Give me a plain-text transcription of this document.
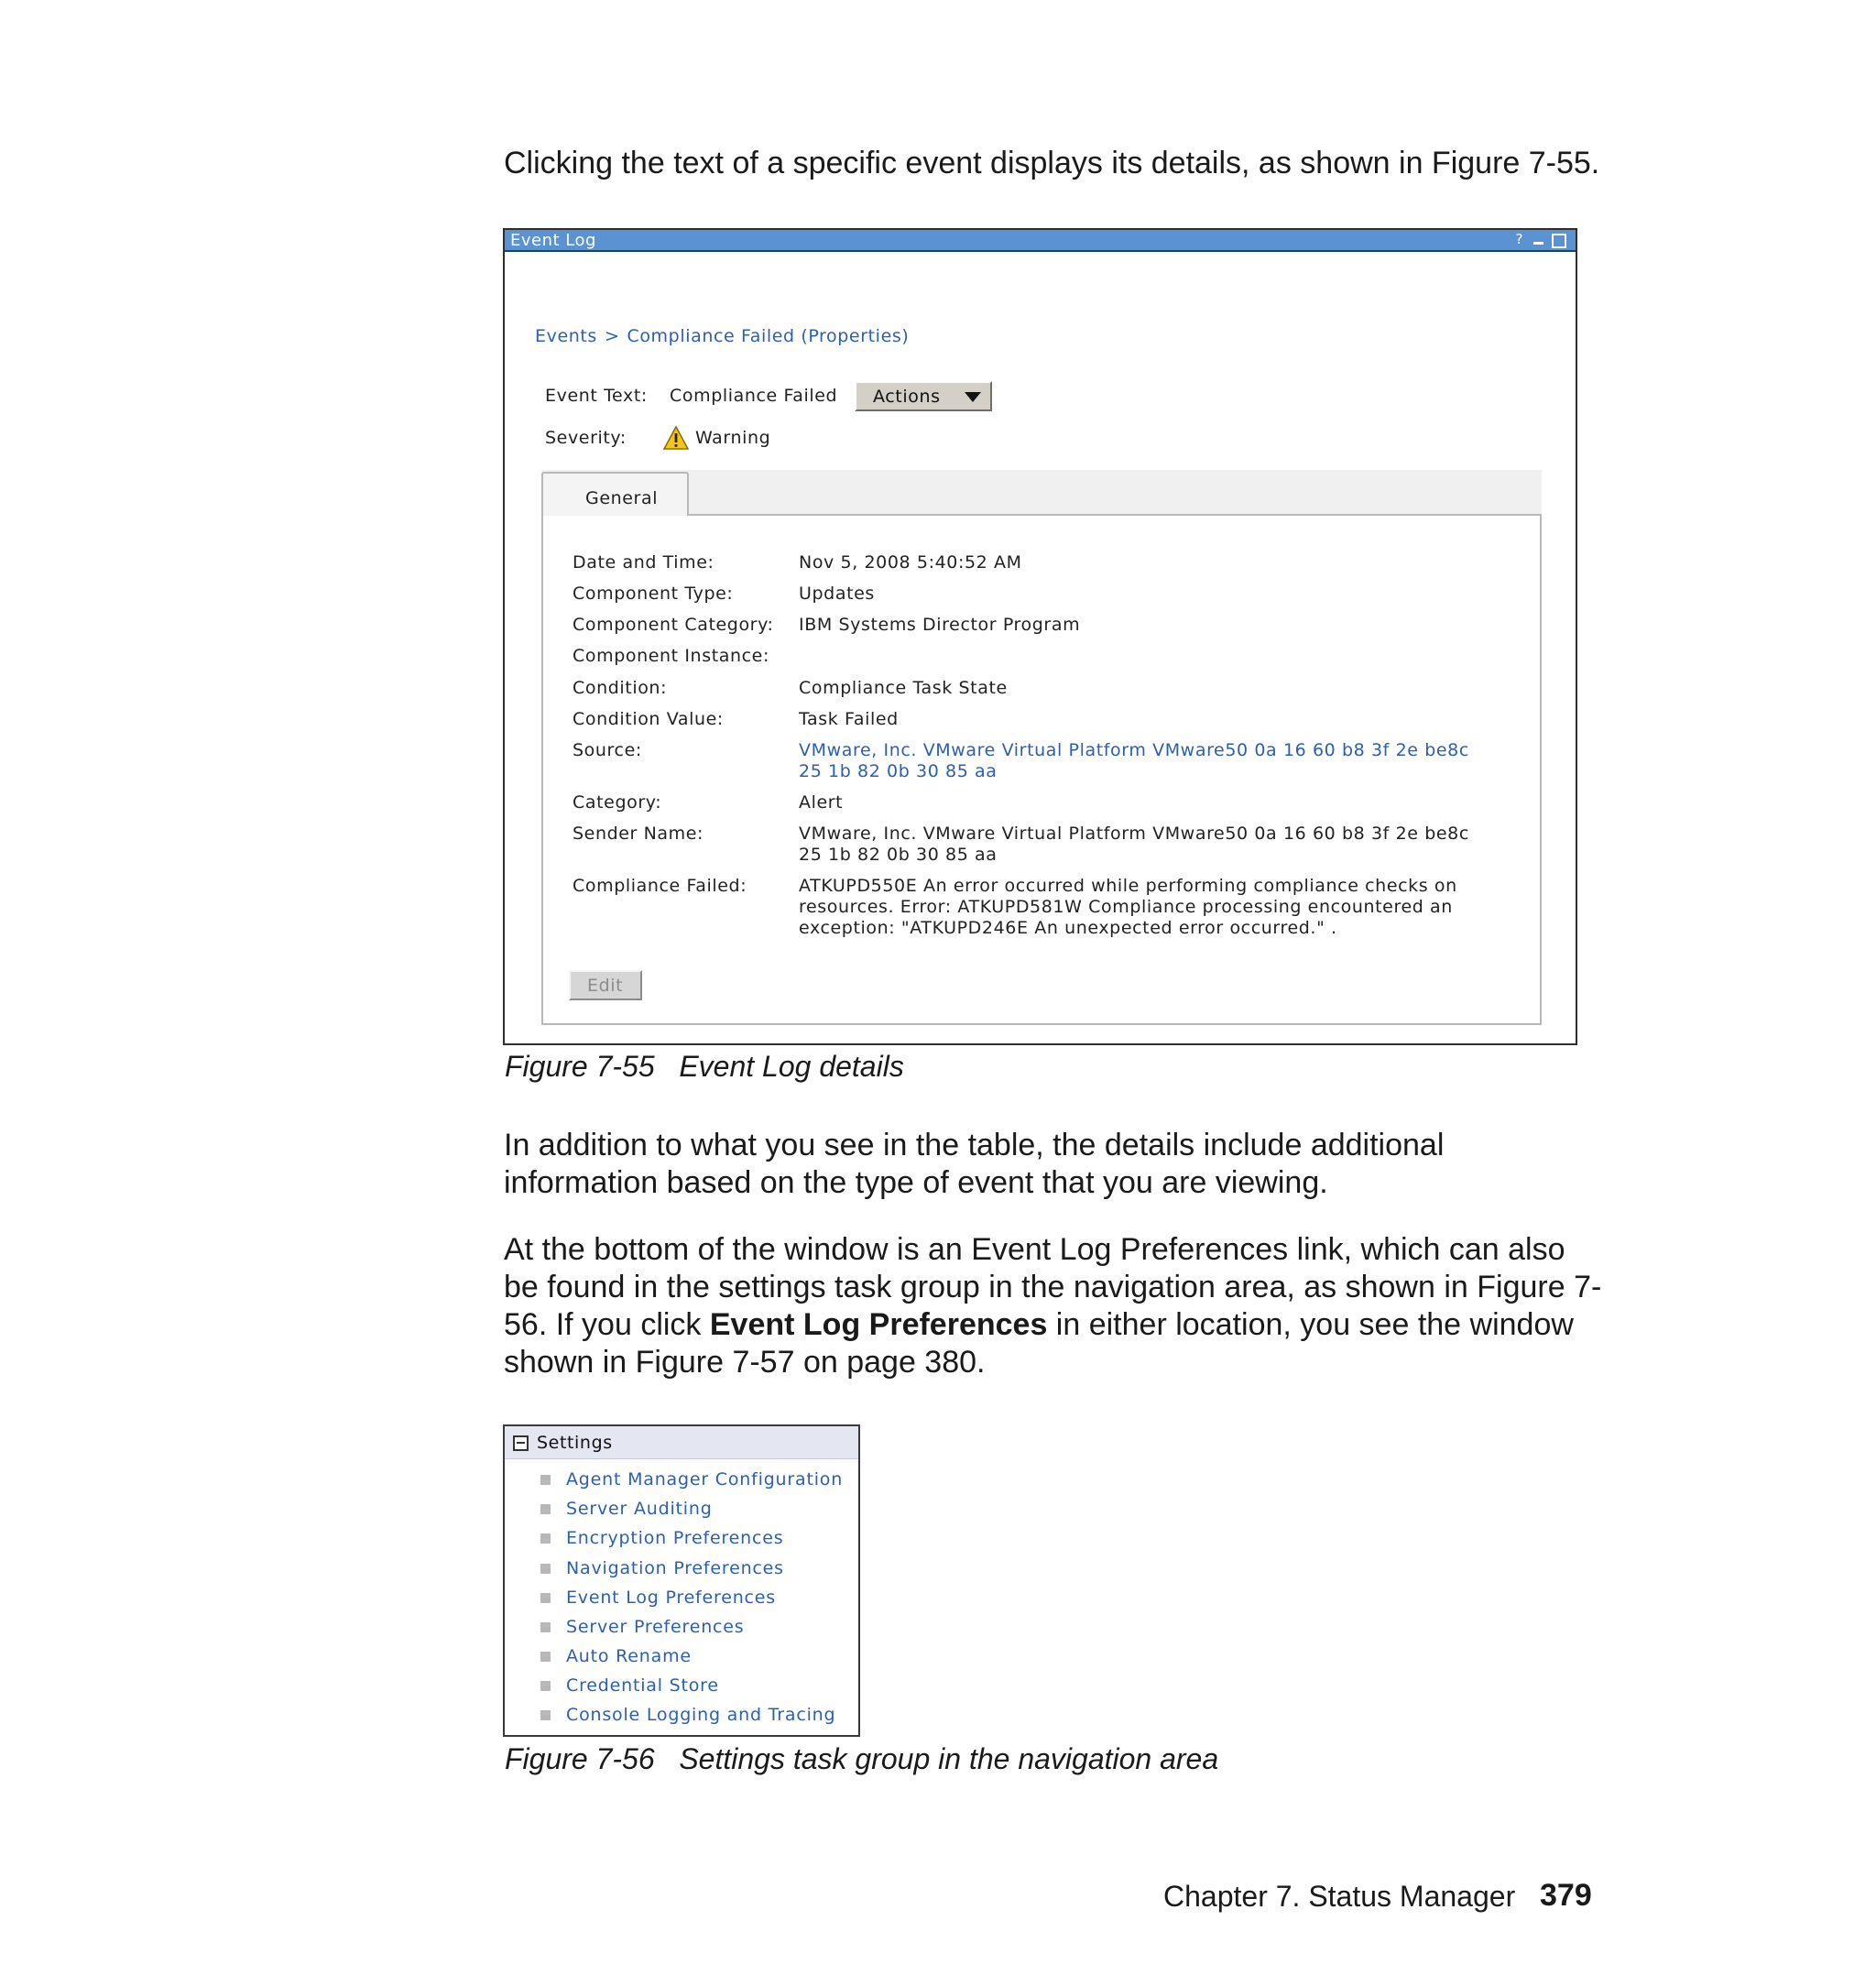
Clicking the text of a specific event displays its details, as shown in Figure 7-55.
Event Log	?
Events > Compliance Failed (Properties)
Event Text: Compliance Failed Actions
Severity:	Warning
General
Date and Time:	Nov 5, 2008 5:40:52 AM
Component Type:	Updates
Component Category: IBM Systems Director Program
Component Instance:
Condition:	Compliance Task State
Condition Value:	Task Failed
Source:	VMware, Inc. VMware Virtual Platform VMware50 0a 16 60 b8 3f 2e be8c
25 1b 82 0b 30 85 aa
Category:	Alert
Sender Name:	VMware, Inc. VMware Virtual Platform VMware50 0a 16 60 b8 3f 2e be8c
25 1b 82 0b 30 85 aa
Compliance Failed:	ATKUPD550E An error occurred while performing compliance checks on
resources. Error: ATKUPD581W Compliance processing encountered an
exception: "ATKUPD246E An unexpected error occurred." .
Edit
Figure 7-55 Event Log details
In addition to what you see in the table, the details include additional information based on the type of event that you are viewing.
At the bottom of the window is an Event Log Preferences link, which can also be found in the settings task group in the navigation area, as shown in Figure 7-56. If you click Event Log Preferences in either location, you see the window shown in Figure 7-57 on page 380.
Settings
Agent Manager Configuration
Server Auditing
Encryption Preferences
Navigation Preferences
Event Log Preferences
Server Preferences
Auto Rename
Credential Store
Console Logging and Tracing
Figure 7-56 Settings task group in the navigation area
Chapter 7. Status Manager 379
